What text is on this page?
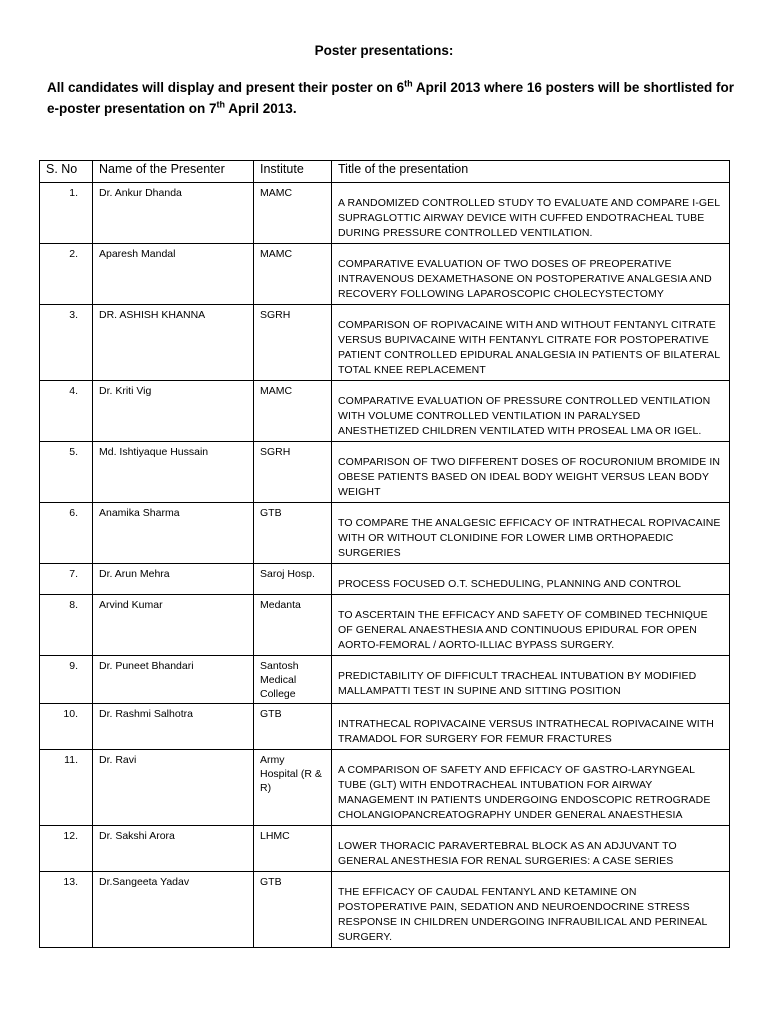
Poster presentations:
All candidates will display and present their poster on 6th April 2013 where 16 posters will be shortlisted for e-poster presentation on 7th April 2013.
S. No	Name of the Presenter	Institute	Title of the presentation
1.	Dr. Ankur Dhanda	MAMC	A RANDOMIZED CONTROLLED STUDY TO EVALUATE AND COMPARE I-GEL SUPRAGLOTTIC AIRWAY DEVICE WITH CUFFED ENDOTRACHEAL TUBE DURING PRESSURE CONTROLLED VENTILATION.
2.	Aparesh Mandal	MAMC	COMPARATIVE EVALUATION OF TWO DOSES OF PREOPERATIVE INTRAVENOUS DEXAMETHASONE ON POSTOPERATIVE ANALGESIA AND RECOVERY FOLLOWING LAPAROSCOPIC CHOLECYSTECTOMY
3.	DR. ASHISH KHANNA	SGRH	COMPARISON OF ROPIVACAINE WITH AND WITHOUT FENTANYL CITRATE VERSUS BUPIVACAINE WITH FENTANYL CITRATE FOR POSTOPERATIVE PATIENT CONTROLLED EPIDURAL ANALGESIA IN PATIENTS OF BILATERAL TOTAL KNEE REPLACEMENT
4.	Dr. Kriti Vig	MAMC	COMPARATIVE EVALUATION OF PRESSURE CONTROLLED VENTILATION WITH VOLUME CONTROLLED VENTILATION IN PARALYSED ANESTHETIZED CHILDREN VENTILATED WITH PROSEAL LMA OR IGEL.
5.	Md. Ishtiyaque Hussain	SGRH	COMPARISON OF TWO DIFFERENT DOSES OF ROCURONIUM BROMIDE IN OBESE PATIENTS BASED ON IDEAL BODY WEIGHT VERSUS LEAN BODY WEIGHT
6.	Anamika Sharma	GTB	TO COMPARE THE ANALGESIC EFFICACY OF INTRATHECAL ROPIVACAINE WITH OR WITHOUT CLONIDINE FOR LOWER LIMB ORTHOPAEDIC SURGERIES
7.	Dr. Arun Mehra	Saroj Hosp.	PROCESS FOCUSED O.T. SCHEDULING, PLANNING AND CONTROL
8.	Arvind Kumar	Medanta	TO ASCERTAIN THE EFFICACY AND SAFETY OF COMBINED TECHNIQUE OF GENERAL ANAESTHESIA AND CONTINUOUS EPIDURAL FOR OPEN AORTO-FEMORAL / AORTO-ILLIAC BYPASS SURGERY.
9.	Dr. Puneet Bhandari	Santosh Medical College	PREDICTABILITY OF DIFFICULT TRACHEAL INTUBATION BY MODIFIED MALLAMPATTI TEST IN SUPINE AND SITTING POSITION
10.	Dr. Rashmi Salhotra	GTB	INTRATHECAL ROPIVACAINE VERSUS INTRATHECAL ROPIVACAINE WITH TRAMADOL FOR SURGERY FOR FEMUR FRACTURES
11.	Dr. Ravi	Army Hospital (R & R)	A COMPARISON OF SAFETY AND EFFICACY OF GASTRO-LARYNGEAL TUBE (GLT) WITH ENDOTRACHEAL INTUBATION FOR AIRWAY MANAGEMENT IN PATIENTS UNDERGOING ENDOSCOPIC RETROGRADE CHOLANGIOPANCREATOGRAPHY UNDER GENERAL ANAESTHESIA
12.	Dr. Sakshi Arora	LHMC	LOWER THORACIC PARAVERTEBRAL BLOCK AS AN ADJUVANT TO GENERAL ANESTHESIA FOR RENAL SURGERIES: A CASE SERIES
13.	Dr.Sangeeta Yadav	GTB	THE EFFICACY OF CAUDAL FENTANYL AND KETAMINE ON POSTOPERATIVE PAIN, SEDATION AND NEUROENDOCRINE STRESS RESPONSE IN CHILDREN UNDERGOING INFRAUBILICAL AND PERINEAL SURGERY.
